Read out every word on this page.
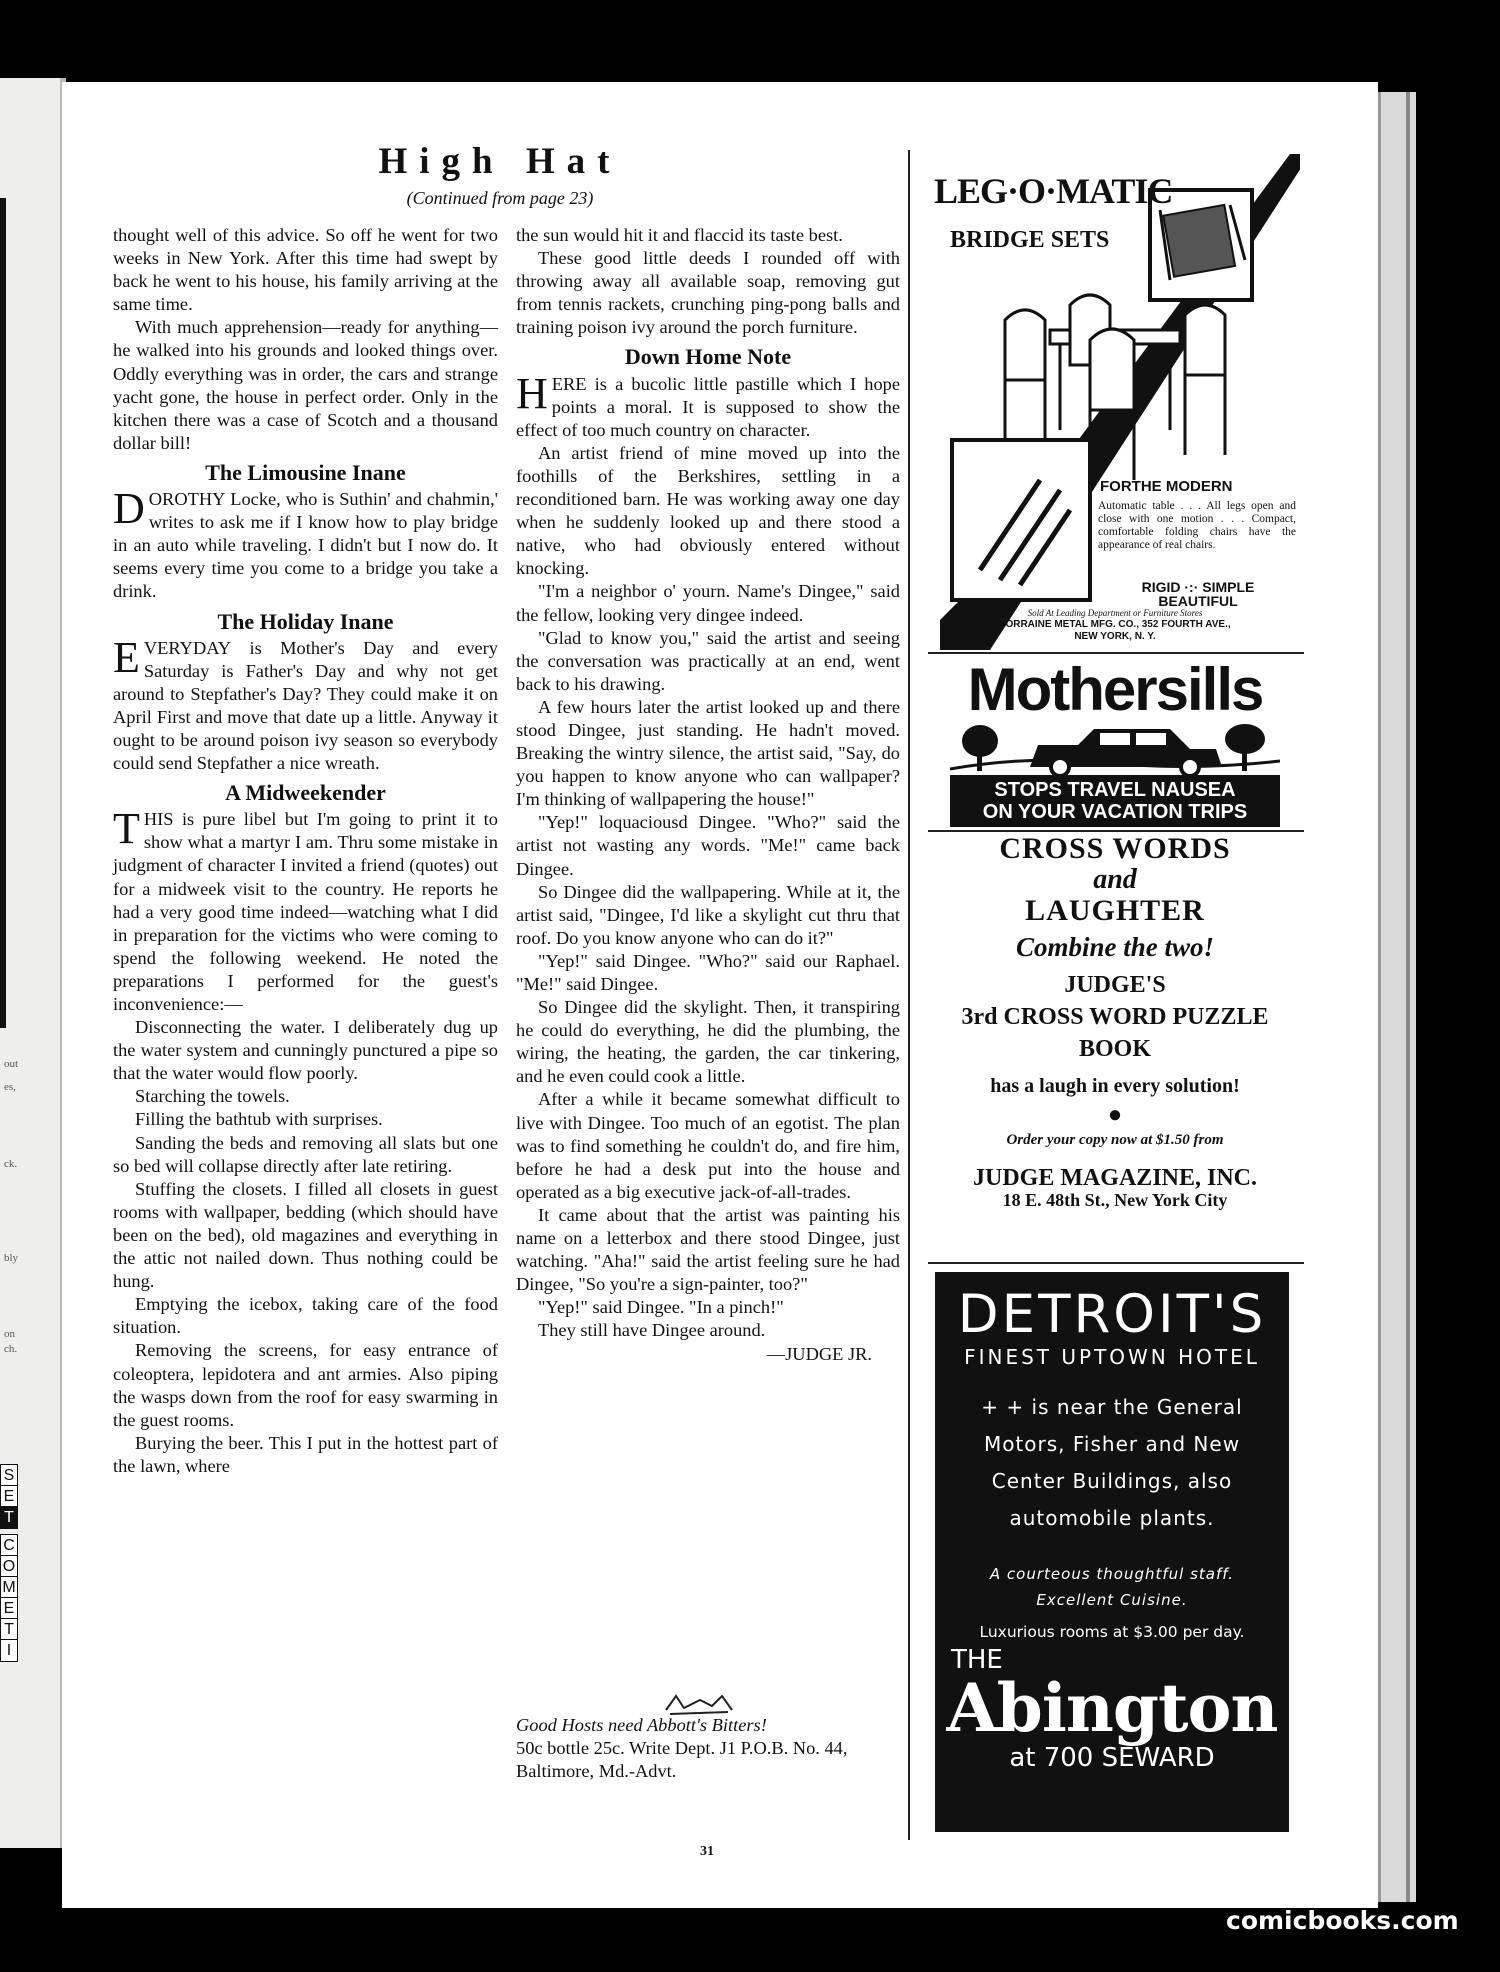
out
es,
ck.
bly
on
ch.
S
E
T
C
O
M
E
T
I
High Hat
(Continued from page 23)

thought well of this advice. So off he went for two weeks in New York. After this time had swept by back he went to his house, his family arriving at the same time.

With much apprehension—ready for anything—he walked into his grounds and looked things over. Oddly everything was in order, the cars and strange yacht gone, the house in perfect order. Only in the kitchen there was a case of Scotch and a thousand dollar bill!

The Limousine Inane

DOROTHY Locke, who is Suthin' and chahmin,' writes to ask me if I know how to play bridge in an auto while traveling. I didn't but I now do. It seems every time you come to a bridge you take a drink.

The Holiday Inane

EVERYDAY is Mother's Day and every Saturday is Father's Day and why not get around to Stepfather's Day? They could make it on April First and move that date up a little. Anyway it ought to be around poison ivy season so everybody could send Stepfather a nice wreath.

A Midweekender

THIS is pure libel but I'm going to print it to show what a martyr I am. Thru some mistake in judgment of character I invited a friend (quotes) out for a midweek visit to the country. He reports he had a very good time indeed—watching what I did in preparation for the victims who were coming to spend the following weekend. He noted the preparations I performed for the guest's inconvenience:—

Disconnecting the water. I deliberately dug up the water system and cunningly punctured a pipe so that the water would flow poorly.

Starching the towels.

Filling the bathtub with surprises.

Sanding the beds and removing all slats but one so bed will collapse directly after late retiring.

Stuffing the closets. I filled all closets in guest rooms with wallpaper, bedding (which should have been on the bed), old magazines and everything in the attic not nailed down. Thus nothing could be hung.

Emptying the icebox, taking care of the food situation.

Removing the screens, for easy entrance of coleoptera, lepidotera and ant armies. Also piping the wasps down from the roof for easy swarming in the guest rooms.

Burying the beer. This I put in the hottest part of the lawn, where

the sun would hit it and flaccid its taste best.

These good little deeds I rounded off with throwing away all available soap, removing gut from tennis rackets, crunching ping-pong balls and training poison ivy around the porch furniture.

Down Home Note

HERE is a bucolic little pastille which I hope points a moral. It is supposed to show the effect of too much country on character.

An artist friend of mine moved up into the foothills of the Berkshires, settling in a reconditioned barn. He was working away one day when he suddenly looked up and there stood a native, who had obviously entered without knocking.

"I'm a neighbor o' yourn. Name's Dingee," said the fellow, looking very dingee indeed.

"Glad to know you," said the artist and seeing the conversation was practically at an end, went back to his drawing.

A few hours later the artist looked up and there stood Dingee, just standing. He hadn't moved. Breaking the wintry silence, the artist said, "Say, do you happen to know anyone who can wallpaper? I'm thinking of wallpapering the house!"

"Yep!" loquaciousd Dingee. "Who?" said the artist not wasting any words. "Me!" came back Dingee.

So Dingee did the wallpapering. While at it, the artist said, "Dingee, I'd like a skylight cut thru that roof. Do you know anyone who can do it?"

"Yep!" said Dingee. "Who?" said our Raphael. "Me!" said Dingee.

So Dingee did the skylight. Then, it transpiring he could do everything, he did the plumbing, the wiring, the heating, the garden, the car tinkering, and he even could cook a little.

After a while it became somewhat difficult to live with Dingee. Too much of an egotist. The plan was to find something he couldn't do, and fire him, before he had a desk put into the house and operated as a big executive jack-of-all-trades.

It came about that the artist was painting his name on a letterbox and there stood Dingee, just watching. "Aha!" said the artist feeling sure he had Dingee, "So you're a sign-painter, too?"

"Yep!" said Dingee. "In a pinch!"

They still have Dingee around.

—JUDGE JR.

Good Hosts need Abbott's Bitters!
50c bottle 25c. Write Dept. J1 P.O.B. No. 44, Baltimore, Md.-Advt.
31
LEG·O·MATIC
BRIDGE SETS
FORTHE MODERN
Automatic table . . . All legs open and close with one motion . . . Compact, comfortable folding chairs have the appearance of real chairs.
RIGID ·:· SIMPLE
BEAUTIFUL
Sold At Leading Department or Furniture Stores
LORRAINE METAL MFG. CO., 352 FOURTH AVE.,
NEW YORK, N. Y.
Mothersills
STOPS TRAVEL NAUSEA
ON YOUR VACATION TRIPS
CROSS WORDS
and
LAUGHTER
Combine the two!
JUDGE'S
3rd CROSS WORD PUZZLE
BOOK
has a laugh in every solution!
●
Order your copy now at $1.50 from
JUDGE MAGAZINE, INC.
18 E. 48th St., New York City
DETROIT'S
FINEST UPTOWN HOTEL
+ + is near the General
Motors, Fisher and New
Center Buildings, also
automobile plants.
A courteous thoughtful staff.
Excellent Cuisine.
Luxurious rooms at $3.00 per day.
THE
Abington
at 700 SEWARD
comicbooks.com
